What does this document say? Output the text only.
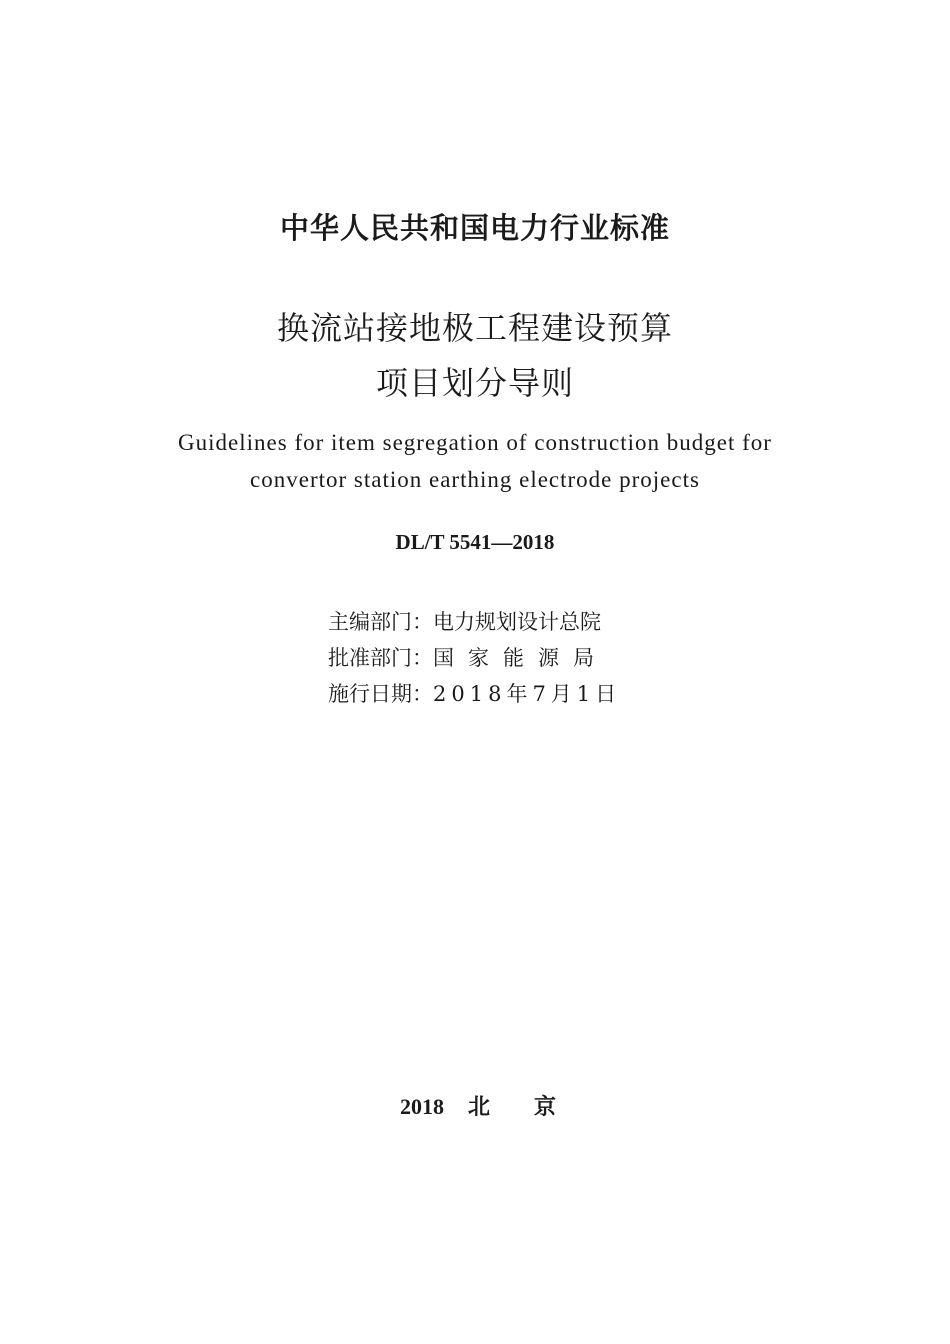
中华人民共和国电力行业标准
换流站接地极工程建设预算
项目划分导则
Guidelines for item segregation of construction budget for
convertor station earthing electrode projects
DL/T 5541—2018
主编部门：电力规划设计总院
批准部门：国家能源局
施行日期：2018年7月1日
2018 北京
